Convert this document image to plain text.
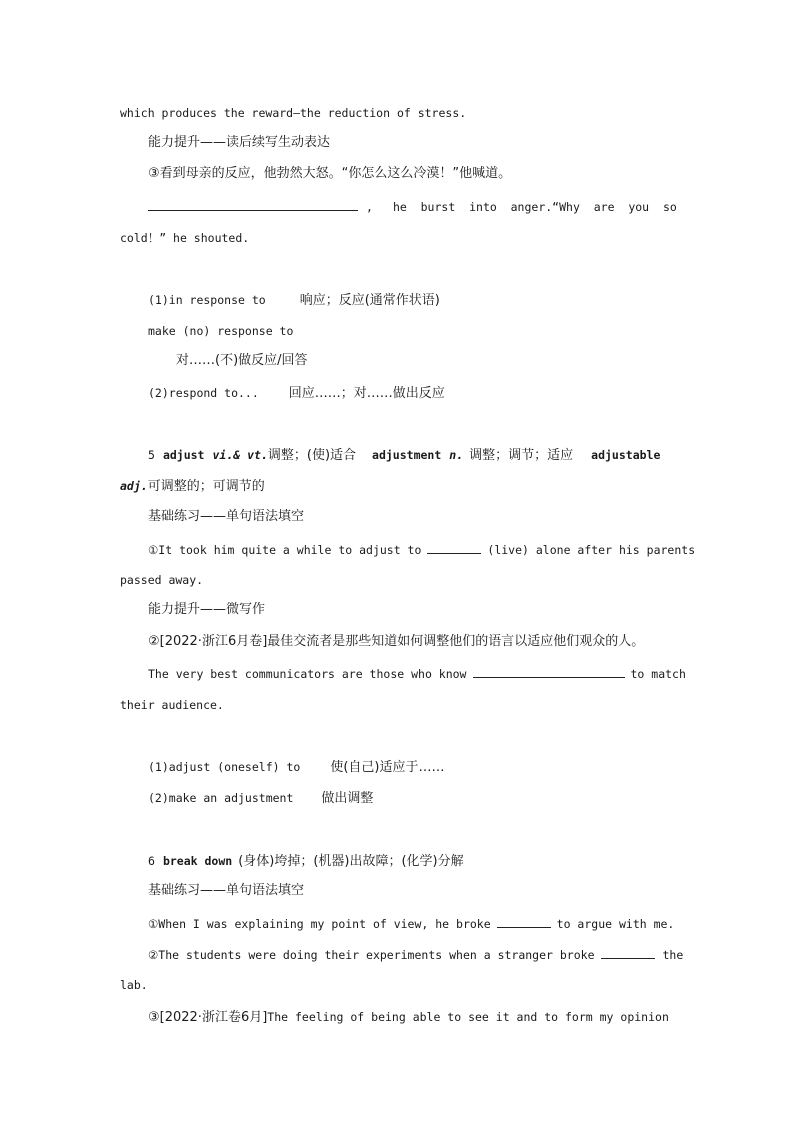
which produces the reward—the reduction of stress.
能力提升——读后续写生动表达
③看到母亲的反应，他勃然大怒。“你怎么这么冷漠！”他喊道。
, he  burst  into  anger.“Why  are  you  so
cold！” he shouted.
(1)in response to	响应；反应(通常作状语)
make (no) response to
对……(不)做反应/回答
(2)respond to... 回应……；对……做出反应
5 adjust vi.& vt.调整；(使)适合 adjustment n. 调整；调节；适应 adjustable
adj.可调整的；可调节的
基础练习——单句语法填空
①It took him quite a while to adjust to	(live) alone after his parents
passed away.
能力提升——微写作
②[2022·浙江6月卷]最佳交流者是那些知道如何调整他们的语言以适应他们观众的人。
The very best communicators are those who know	to match
their audience.
(1)adjust (oneself) to 使(自己)适应于……
(2)make an adjustment 做出调整
6 break down (身体)垮掉；(机器)出故障；(化学)分解
基础练习——单句语法填空
①When I was explaining my point of view, he broke	to argue with me.
②The students were doing their experiments when a stranger broke	the
lab.
③[2022·浙江卷6月]The feeling of being able to see it and to form my opinion
